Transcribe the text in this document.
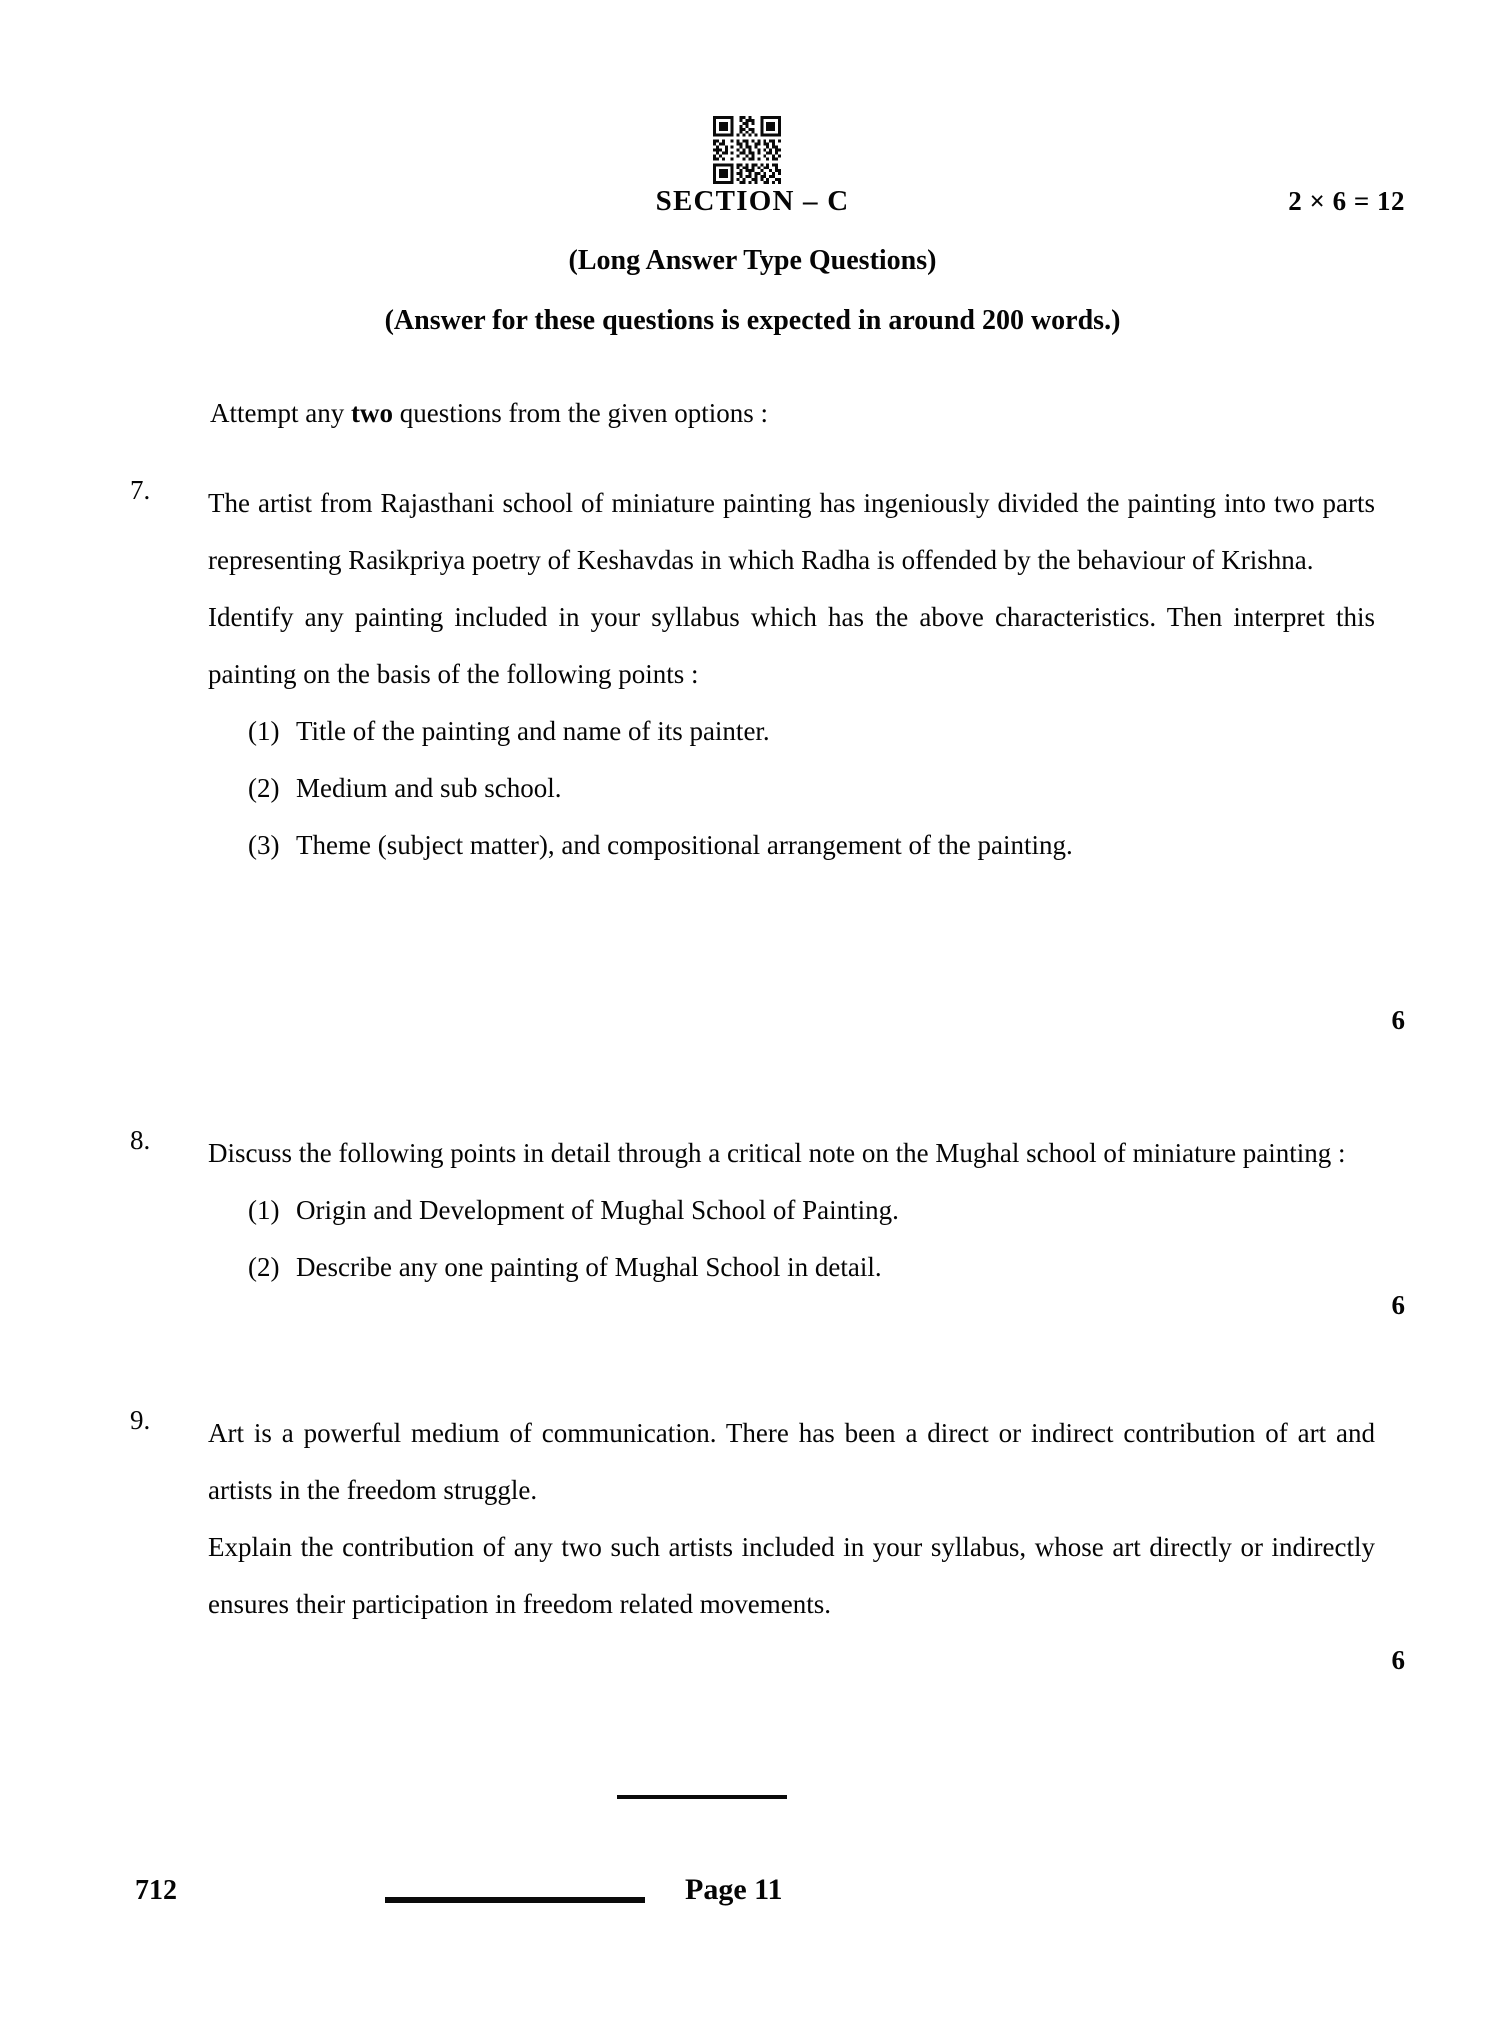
SECTION – C	2 × 6 = 12
(Long Answer Type Questions)
(Answer for these questions is expected in around 200 words.)
Attempt any two questions from the given options :
7.	The artist from Rajasthani school of miniature painting has ingeniously divided the painting into two parts representing Rasikpriya poetry of Keshavdas in which Radha is offended by the behaviour of Krishna.

Identify any painting included in your syllabus which has the above characteristics. Then interpret this painting on the basis of the following points :

(1) Title of the painting and name of its painter.
(2) Medium and sub school.
(3) Theme (subject matter), and compositional arrangement of the painting.
6
8.	Discuss the following points in detail through a critical note on the Mughal school of miniature painting :

(1) Origin and Development of Mughal School of Painting.
(2) Describe any one painting of Mughal School in detail.
6
9.	Art is a powerful medium of communication. There has been a direct or indirect contribution of art and artists in the freedom struggle.

Explain the contribution of any two such artists included in your syllabus, whose art directly or indirectly ensures their participation in freedom related movements.

6
712	Page 11
